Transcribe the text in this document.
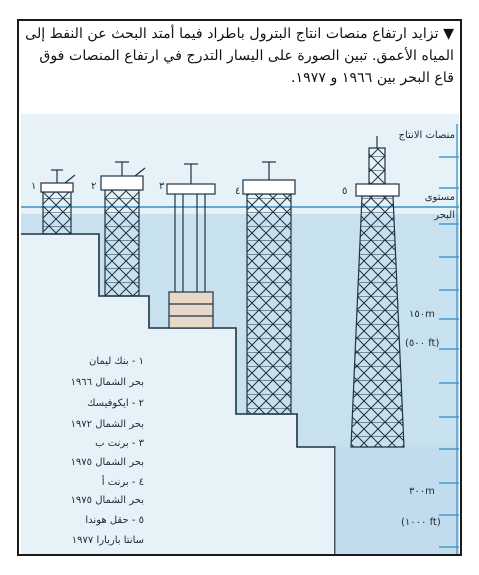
▼ تزايد ارتفاع منصات انتاج البترول باطراد فيما أمتد البحث عن النفط إلى المياه الأعمق. تبين الصورة على اليسار التدرج في ارتفاع المنصات فوق قاع البحر بين ١٩٦٦ و ١٩٧٧.
منصات الانتاج
مستوى
البحر
١٥٠m
(٥٠٠ ft)
٣٠٠m
(١٠٠٠ ft)
١	٢	٣	٤	٥
١ - بنك ليمان
بحر الشمال ١٩٦٦
٢ - ايكوفيسك
بحر الشمال ١٩٧٢
٣ - برنت ب
بحر الشمال ١٩٧٥
٤ - برنت أ
بحر الشمال ١٩٧٥
٥ - حقل هوندا
سانتا باربارا ١٩٧٧
